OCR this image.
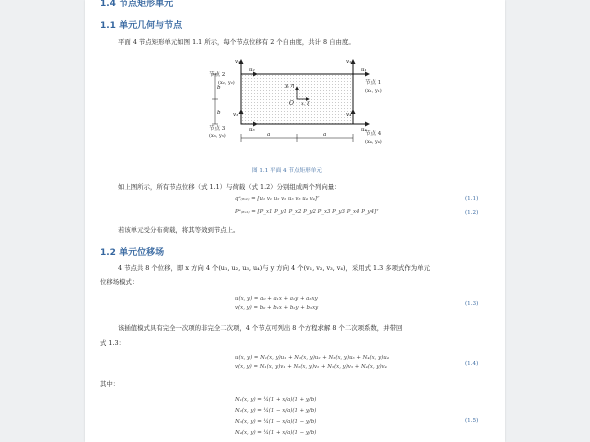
1.4 节点矩形单元
1.1 单元几何与节点
平面 4 节点矩形单元如图 1.1 所示，每个节点位移有 2 个自由度，共计 8 自由度。
节点 2
(x₂, y₂)
节点 3
(x₃, y₃)
节点 1
(x₁, y₁)
节点 4
(x₄, y₄)
u₂
v₂
u₁
v₁
u₃
v₃
u₄
v₄
y, η
O x, ξ
a	a
b
b
图 1.1 平面 4 节点矩形单元
如上图所示，所有节点位移（式 1.1）与荷载（式 1.2）分别组成两个列向量：
qᵉ₍₈ₓ₁₎ = [u₁ v₁ u₂ v₂ u₃ v₃ u₄ v₄]ᵀ	(1.1)
Pᵉ₍₈ₓ₁₎ = [P_x1 P_y1 P_x2 P_y2 P_x3 P_y3 P_x4 P_y4]ᵀ	(1.2)
若该单元受分布荷载，将其等效到节点上。
1.2 单元位移场
4 节点共 8 个位移，即 x 方向 4 个(u₁, u₂, u₃, u₄)与 y 方向 4 个(v₁, v₂, v₃, v₄)，采用式 1.3 多项式作为单元
位移场模式：
u(x, y) = a₀ + a₁x + a₂y + a₃xy
v(x, y) = b₀ + b₁x + b₂y + b₃xy
(1.3)
该插值模式具有完全一次项的非完全二次项，4 个节点可列出 8 个方程求解 8 个二次项系数，并带回
式 1.3：
u(x, y) = N₁(x, y)u₁ + N₂(x, y)u₂ + N₃(x, y)u₃ + N₄(x, y)u₄
v(x, y) = N₁(x, y)v₁ + N₂(x, y)v₂ + N₃(x, y)v₃ + N₄(x, y)v₄	(1.4)
其中：
N₁(x, y) = ¼(1 + x/a)(1 + y/b)
N₂(x, y) = ¼(1 − x/a)(1 + y/b)
N₃(x, y) = ¼(1 − x/a)(1 − y/b)
N₄(x, y) = ¼(1 + x/a)(1 − y/b)
(1.5)
